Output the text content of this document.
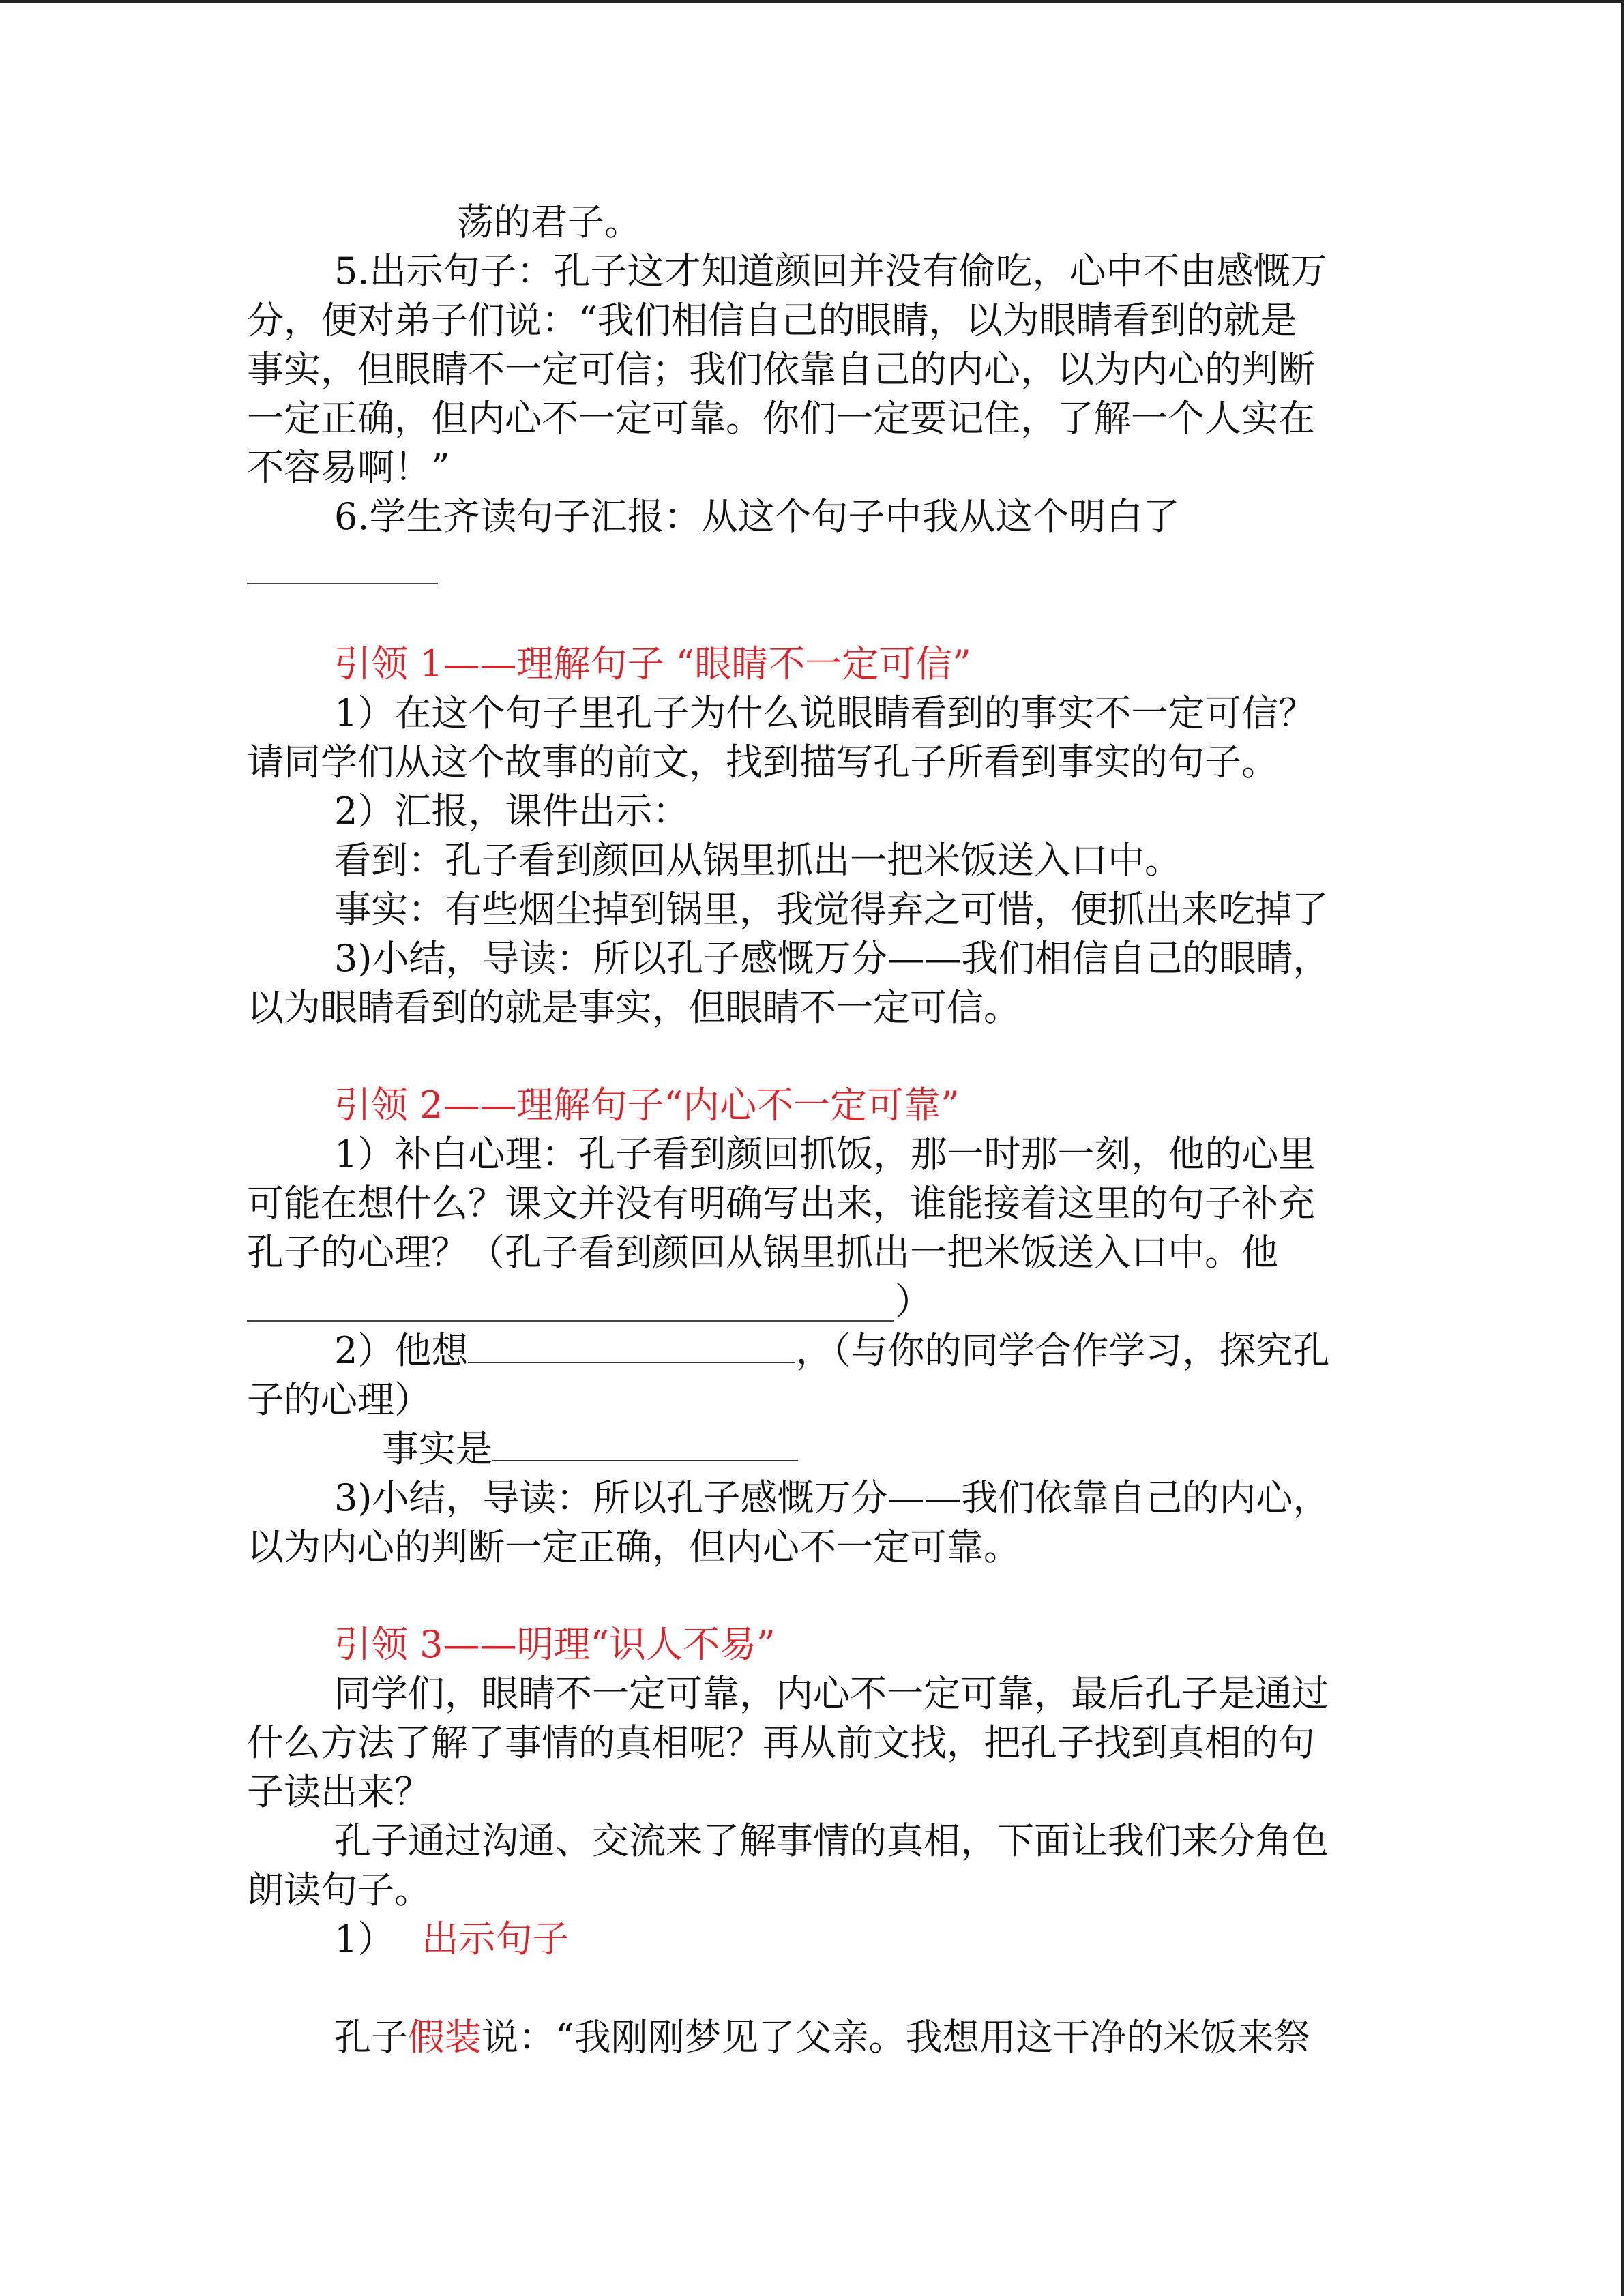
荡的君子。
5.出示句子：孔子这才知道颜回并没有偷吃，心中不由感慨万
分，便对弟子们说：“我们相信自己的眼睛，以为眼睛看到的就是
事实，但眼睛不一定可信；我们依靠自己的内心，以为内心的判断
一定正确，但内心不一定可靠。你们一定要记住，了解一个人实在
不容易啊！”
6.学生齐读句子汇报：从这个句子中我从这个明白了
引领 1——理解句子 “眼睛不一定可信”
1）在这个句子里孔子为什么说眼睛看到的事实不一定可信？
请同学们从这个故事的前文，找到描写孔子所看到事实的句子。
2）汇报，课件出示：
看到：孔子看到颜回从锅里抓出一把米饭送入口中。
事实：有些烟尘掉到锅里，我觉得弃之可惜，便抓出来吃掉了
3)小结，导读：所以孔子感慨万分——我们相信自己的眼睛，
以为眼睛看到的就是事实，但眼睛不一定可信。
引领 2——理解句子“内心不一定可靠”
1）补白心理：孔子看到颜回抓饭，那一时那一刻，他的心里
可能在想什么？课文并没有明确写出来，谁能接着这里的句子补充
孔子的心理？（孔子看到颜回从锅里抓出一把米饭送入口中。他
）
2）他想	，（与你的同学合作学习，探究孔
子的心理）
事实是
3)小结，导读：所以孔子感慨万分——我们依靠自己的内心，
以为内心的判断一定正确，但内心不一定可靠。
引领 3——明理“识人不易”
同学们，眼睛不一定可靠，内心不一定可靠，最后孔子是通过
什么方法了解了事情的真相呢？再从前文找，把孔子找到真相的句
子读出来？
孔子通过沟通、交流来了解事情的真相，下面让我们来分角色
朗读句子。
1） 出示句子
孔子假装说：“我刚刚梦见了父亲。我想用这干净的米饭来祭
